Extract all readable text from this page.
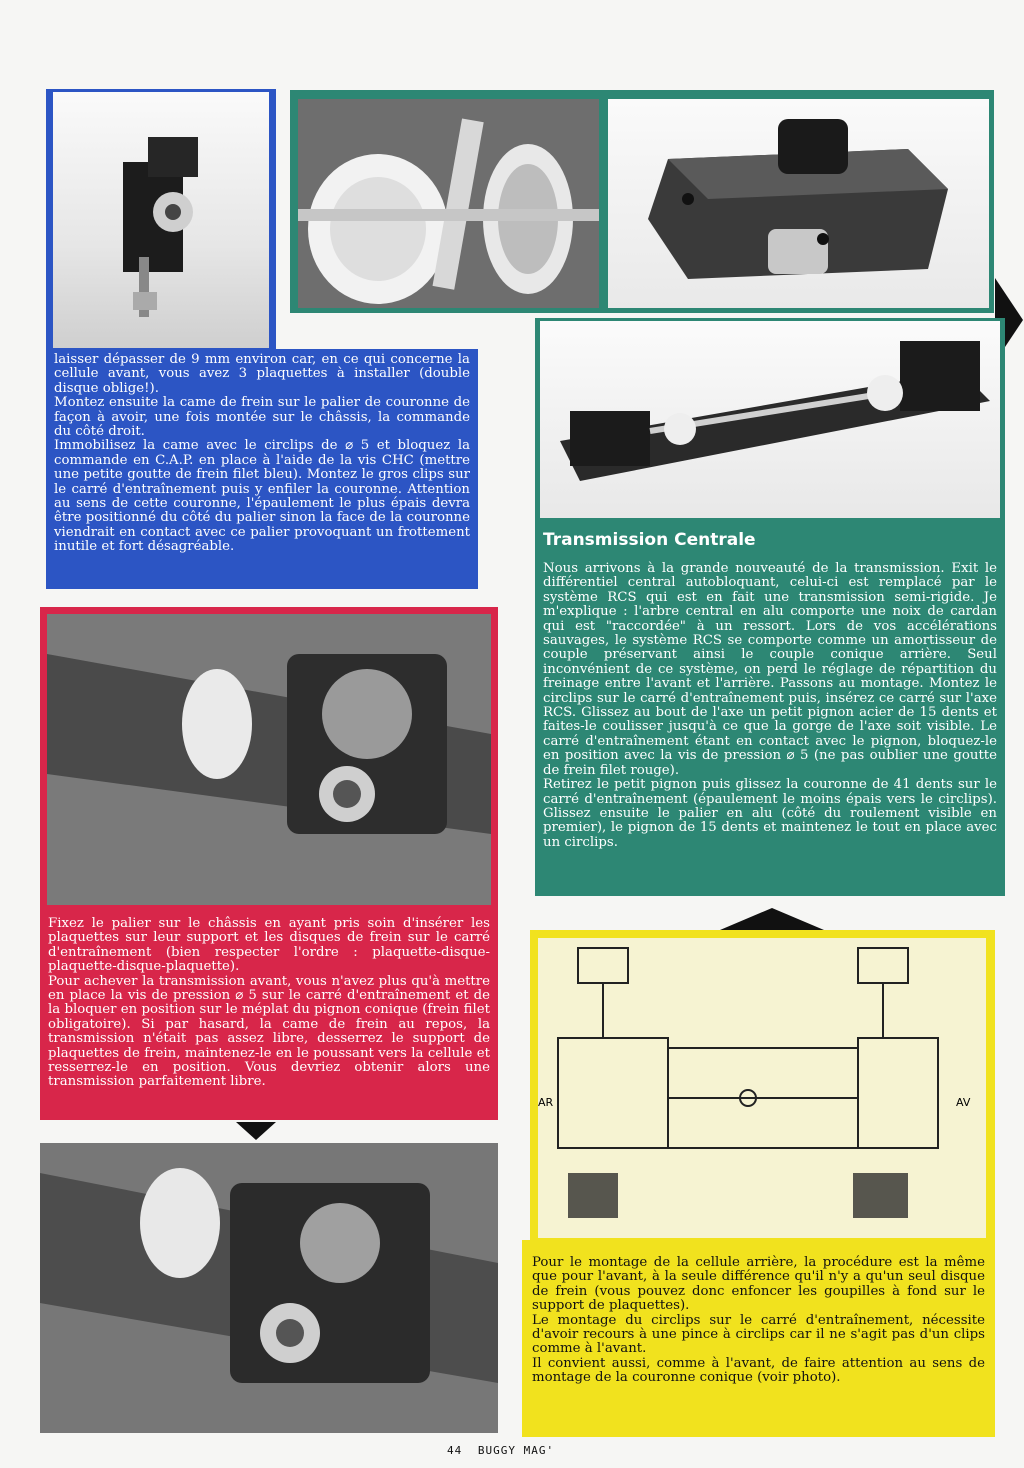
laisser dépasser de 9 mm environ car, en ce qui concerne la cellule avant, vous avez 3 plaquettes à installer (double disque oblige!).

Montez ensuite la came de frein sur le palier de couronne de façon à avoir, une fois montée sur le châssis, la commande du côté droit.

Immobilisez la came avec le circlips de ⌀ 5 et bloquez la commande en C.A.P. en place à l'aide de la vis CHC (mettre une petite goutte de frein filet bleu). Montez le gros clips sur le carré d'entraînement puis y enfiler la couronne. Attention au sens de cette couronne, l'épaulement le plus épais devra être positionné du côté du palier sinon la face de la couronne viendrait en contact avec ce palier provoquant un frottement inutile et fort désagréable.	Transmission Centrale

Nous arrivons à la grande nouveauté de la transmission. Exit le différentiel central autobloquant, celui-ci est remplacé par le système RCS qui est en fait une transmission semi-rigide. Je m'explique : l'arbre central en alu comporte une noix de cardan qui est "raccordée" à un ressort. Lors de vos accélérations sauvages, le système RCS se comporte comme un amortisseur de couple préservant ainsi le couple conique arrière. Seul inconvénient de ce système, on perd le réglage de répartition du freinage entre l'avant et l'arrière. Passons au montage. Montez le circlips sur le carré d'entraînement puis, insérez ce carré sur l'axe RCS. Glissez au bout de l'axe un petit pignon acier de 15 dents et faites-le coulisser jusqu'à ce que la gorge de l'axe soit visible. Le carré d'entraînement étant en contact avec le pignon, bloquez-le en position avec la vis de pression ⌀ 5 (ne pas oublier une goutte de frein filet rouge).

Retirez le petit pignon puis glissez la couronne de 41 dents sur le carré d'entraînement (épaulement le moins épais vers le circlips). Glissez ensuite le palier en alu (côté du roulement visible en premier), le pignon de 15 dents et maintenez le tout en place avec un circlips.

Fixez le palier sur le châssis en ayant pris soin d'insérer les plaquettes sur leur support et les disques de frein sur le carré d'entraînement (bien respecter l'ordre : plaquette-disque-plaquette-disque-plaquette).

Pour achever la transmission avant, vous n'avez plus qu'à mettre en place la vis de pression ⌀ 5 sur le carré d'entraînement et de la bloquer en position sur le méplat du pignon conique (frein filet obligatoire). Si par hasard, la came de frein au repos, la transmission n'était pas assez libre, desserrez le support de plaquettes de frein, maintenez-le en le poussant vers la cellule et resserrez-le en position. Vous devriez obtenir alors une transmission parfaitement libre.

AR	AV

Pour le montage de la cellule arrière, la procédure est la même que pour l'avant, à la seule différence qu'il n'y a qu'un seul disque de frein (vous pouvez donc enfoncer les goupilles à fond sur le support de plaquettes).

Le montage du circlips sur le carré d'entraînement, nécessite d'avoir recours à une pince à circlips car il ne s'agit pas d'un clips comme à l'avant.

Il convient aussi, comme à l'avant, de faire attention au sens de montage de la couronne conique (voir photo).

44 BUGGY MAG'
